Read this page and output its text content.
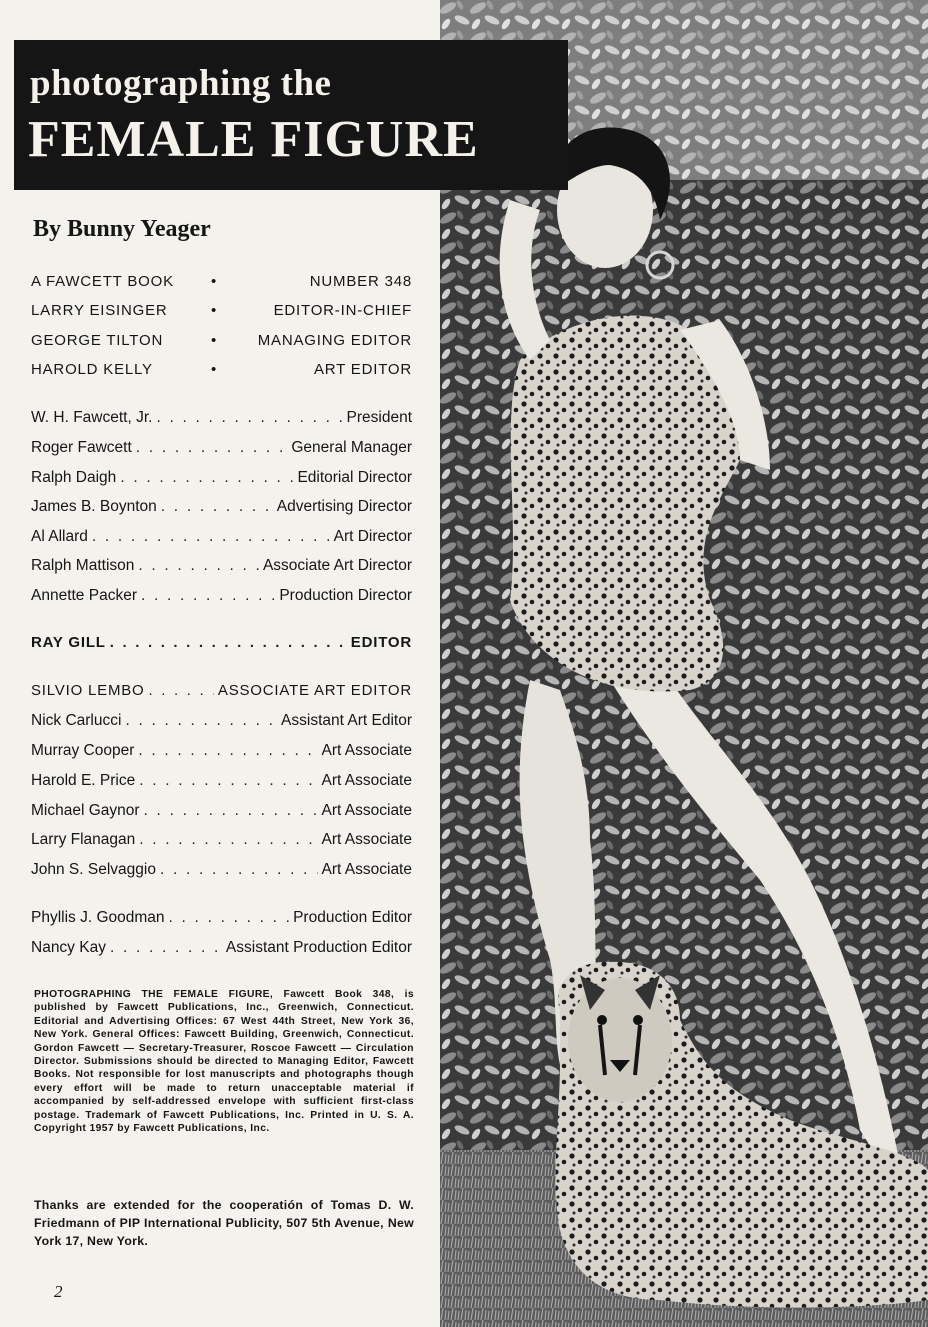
photographing the
FEMALE FIGURE

By Bunny Yeager

A FAWCETT BOOK •	NUMBER 348
LARRY EISINGER	•	EDITOR-IN-CHIEF
GEORGE TILTON	•	MANAGING EDITOR
HAROLD KELLY	•	ART EDITOR
W. H. Fawcett, Jr. . . .	President
Roger Fawcett . . .	General Manager
Ralph Daigh . . .	Editorial Director
James B. Boynton . . .	Advertising Director
Al Allard . . .	Art Director
Ralph Mattison . . .	Associate Art Director
Annette Packer . . .	Production Director
RAY GILL . . .	EDITOR
SILVIO LEMBO . . .	ASSOCIATE ART EDITOR
Nick Carlucci . . .	Assistant Art Editor
Murray Cooper . . .	Art Associate
Harold E. Price . . .	Art Associate
Michael Gaynor . . .	Art Associate
Larry Flanagan . . .	Art Associate
John S. Selvaggio . . .	Art Associate
Phyllis J. Goodman . . .	Production Editor
Nancy Kay . . .	Assistant Production Editor

PHOTOGRAPHING THE FEMALE FIGURE, Fawcett Book 348, is published by Fawcett Publications, Inc., Greenwich, Connecticut. Editorial and Advertising Offices: 67 West 44th Street, New York 36, New York. General Offices: Fawcett Building, Greenwich, Connecticut. Gordon Fawcett — Secretary-Treasurer, Roscoe Fawcett — Circulation Director. Submissions should be directed to Managing Editor, Fawcett Books. Not responsible for lost manuscripts and photographs though every effort will be made to return unacceptable material if accompanied by self-addressed envelope with sufficient first-class postage. Trademark of Fawcett Publications, Inc. Printed in U. S. A. Copyright 1957 by Fawcett Publications, Inc.

Thanks are extended for the cooperatión of Tomas D. W. Friedmann of PIP International Publicity, 507 5th Avenue, New York 17, New York.

2
